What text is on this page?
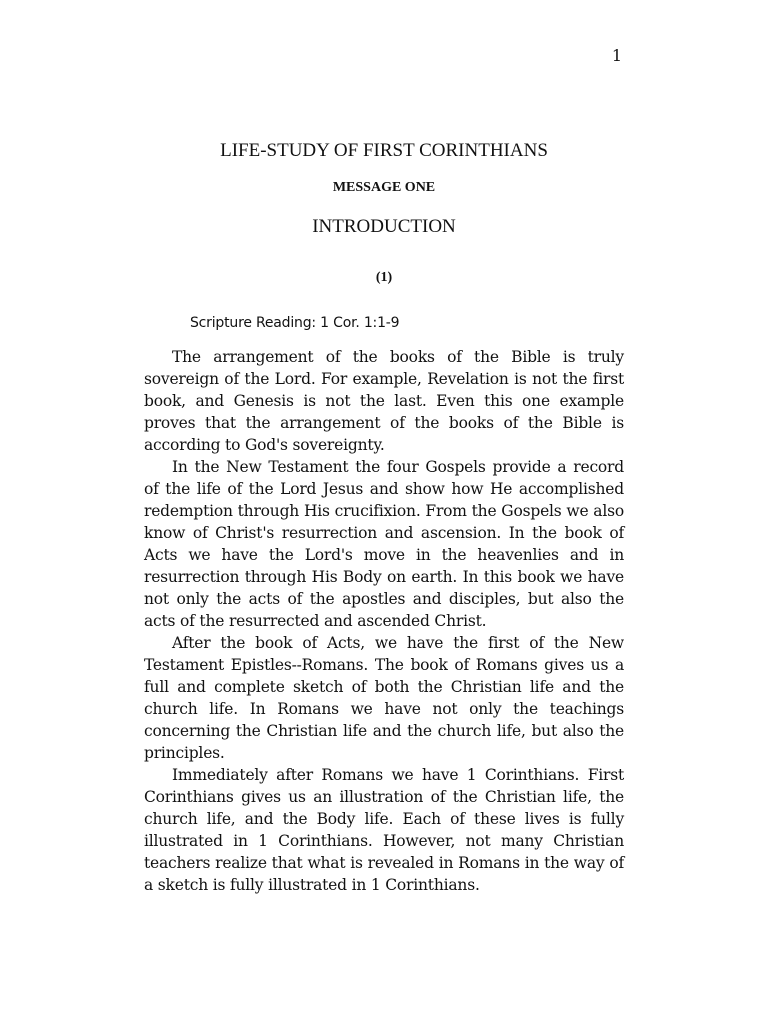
1
LIFE-STUDY OF FIRST CORINTHIANS
MESSAGE ONE
INTRODUCTION
(1)
Scripture Reading: 1 Cor. 1:1-9

The arrangement of the books of the Bible is truly sovereign of the Lord. For example, Revelation is not the first book, and Genesis is not the last. Even this one example proves that the arrangement of the books of the Bible is according to God's sovereignty.

In the New Testament the four Gospels provide a record of the life of the Lord Jesus and show how He accomplished redemption through His crucifixion. From the Gospels we also know of Christ's resurrection and ascension. In the book of Acts we have the Lord's move in the heavenlies and in resurrection through His Body on earth. In this book we have not only the acts of the apostles and disciples, but also the acts of the resurrected and ascended Christ.

After the book of Acts, we have the first of the New Testament Epistles--Romans. The book of Romans gives us a full and complete sketch of both the Christian life and the church life. In Romans we have not only the teachings concerning the Christian life and the church life, but also the principles.

Immediately after Romans we have 1 Corinthians. First Corinthians gives us an illustration of the Christian life, the church life, and the Body life. Each of these lives is fully illustrated in 1 Corinthians. However, not many Christian teachers realize that what is revealed in Romans in the way of a sketch is fully illustrated in 1 Corinthians.
